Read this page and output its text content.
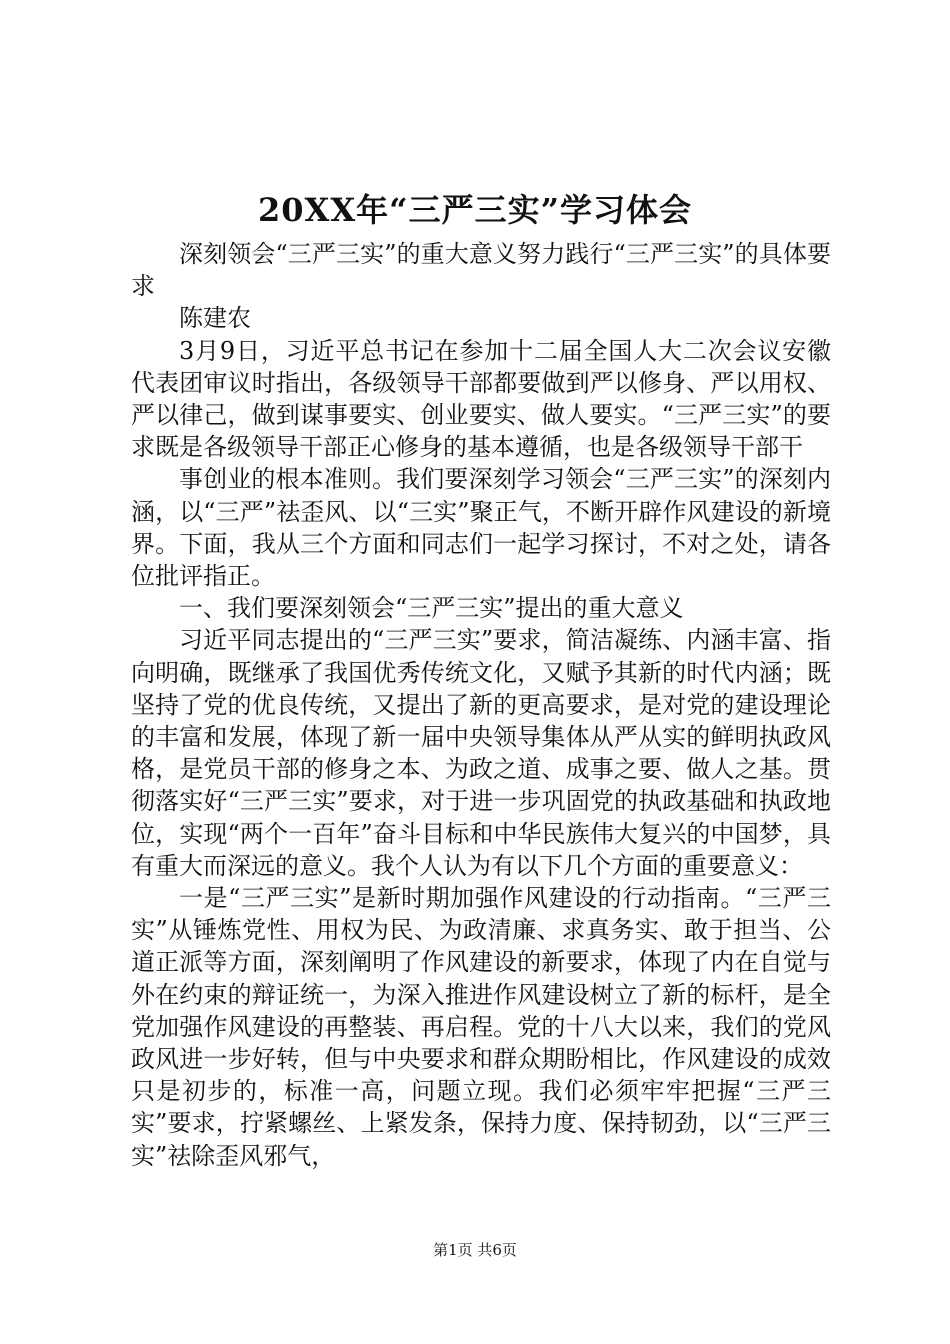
20XX年“三严三实”学习体会

深刻领会“三严三实”的重大意义努力践行“三严三实”的具体要求

陈建农

3月9日，习近平总书记在参加十二届全国人大二次会议安徽代表团审议时指出，各级领导干部都要做到严以修身、严以用权、严以律己，做到谋事要实、创业要实、做人要实。“三严三实”的要求既是各级领导干部正心修身的基本遵循，也是各级领导干部干

事创业的根本准则。我们要深刻学习领会“三严三实”的深刻内涵，以“三严”祛歪风、以“三实”聚正气，不断开辟作风建设的新境界。下面，我从三个方面和同志们一起学习探讨，不对之处，请各位批评指正。

一、我们要深刻领会“三严三实”提出的重大意义

习近平同志提出的“三严三实”要求，简洁凝练、内涵丰富、指向明确，既继承了我国优秀传统文化，又赋予其新的时代内涵；既坚持了党的优良传统，又提出了新的更高要求，是对党的建设理论的丰富和发展，体现了新一届中央领导集体从严从实的鲜明执政风格，是党员干部的修身之本、为政之道、成事之要、做人之基。贯彻落实好“三严三实”要求，对于进一步巩固党的执政基础和执政地位，实现“两个一百年”奋斗目标和中华民族伟大复兴的中国梦，具有重大而深远的意义。我个人认为有以下几个方面的重要意义：

一是“三严三实”是新时期加强作风建设的行动指南。“三严三实”从锤炼党性、用权为民、为政清廉、求真务实、敢于担当、公道正派等方面，深刻阐明了作风建设的新要求，体现了内在自觉与外在约束的辩证统一，为深入推进作风建设树立了新的标杆，是全党加强作风建设的再整装、再启程。党的十八大以来，我们的党风政风进一步好转，但与中央要求和群众期盼相比，作风建设的成效只是初步的，标准一高，问题立现。我们必须牢牢把握“三严三实”要求，拧紧螺丝、上紧发条，保持力度、保持韧劲，以“三严三实”祛除歪风邪气，

第1页 共6页
